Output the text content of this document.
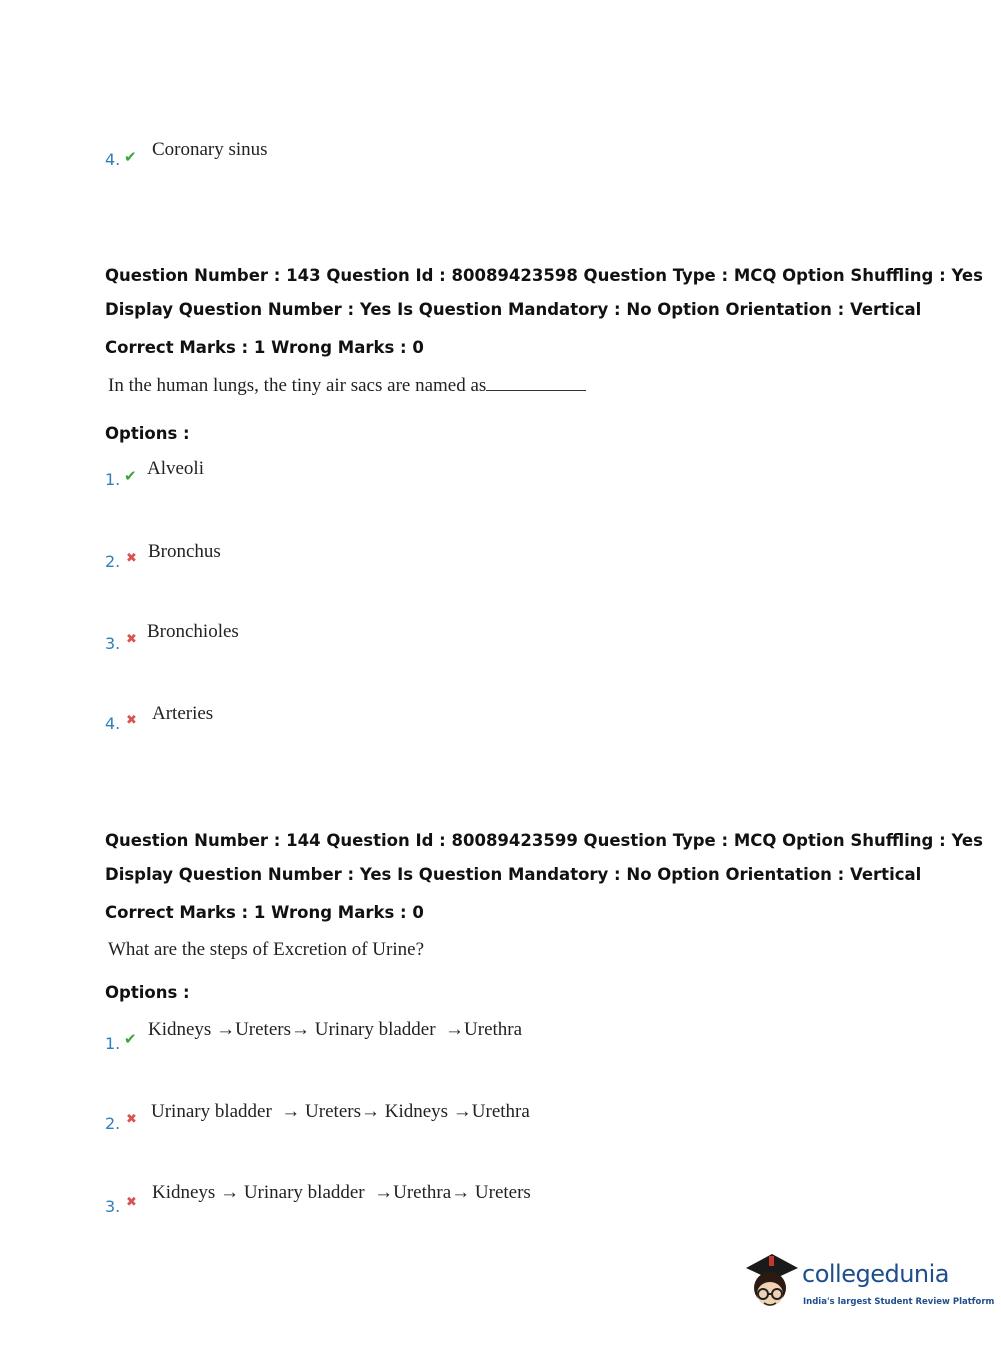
4. ✔ Coronary sinus
Question Number : 143 Question Id : 80089423598 Question Type : MCQ Option Shuffling : Yes
Display Question Number : Yes Is Question Mandatory : No Option Orientation : Vertical
Correct Marks : 1 Wrong Marks : 0
In the human lungs, the tiny air sacs are named as
Options :
1. ✔ Alveoli
2. ✖ Bronchus
3. ✖ Bronchioles
4. ✖ Arteries
Question Number : 144 Question Id : 80089423599 Question Type : MCQ Option Shuffling : Yes
Display Question Number : Yes Is Question Mandatory : No Option Orientation : Vertical
Correct Marks : 1 Wrong Marks : 0
What are the steps of Excretion of Urine?
Options :
1. ✔ Kidneys →Ureters→ Urinary bladder  →Urethra
2. ✖ Urinary bladder  → Ureters→ Kidneys →Urethra
3. ✖ Kidneys → Urinary bladder  →Urethra→ Ureters
collegedunia
India's largest Student Review Platform
